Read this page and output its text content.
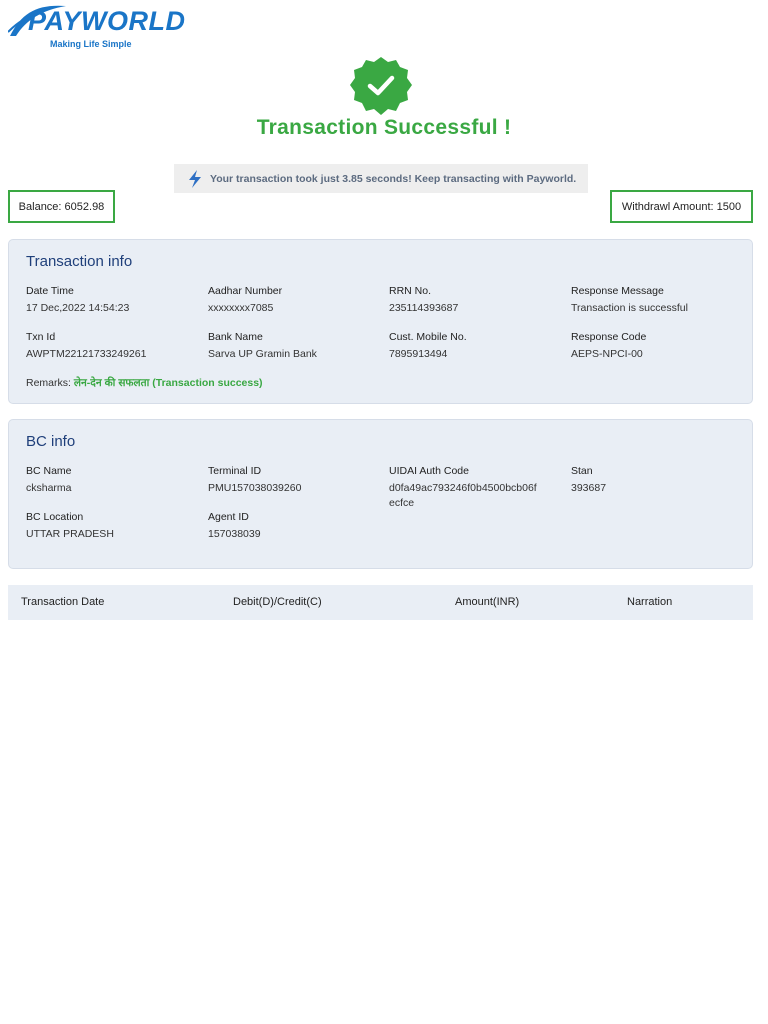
PAYWORLD
Making Life Simple
Transaction Successful !
Your transaction took just 3.85 seconds! Keep transacting with Payworld.
Balance: 6052.98	Withdrawl Amount: 1500
Transaction info
Date Time
17 Dec,2022 14:54:23
Aadhar Number
xxxxxxxx7085
RRN No.
235114393687
Response Message
Transaction is successful
Txn Id
AWPTM22121733249261
Bank Name
Sarva UP Gramin Bank
Cust. Mobile No.
7895913494
Response Code
AEPS-NPCI-00
Remarks: लेन-देन की सफलता (Transaction success)
BC info
BC Name
cksharma
Terminal ID
PMU157038039260
UIDAI Auth Code
d0fa49ac793246f0b4500bcb06f ecfce
Stan
393687
BC Location
UTTAR PRADESH
Agent ID
157038039
Transaction Date	Debit(D)/Credit(C)	Amount(INR)	Narration
